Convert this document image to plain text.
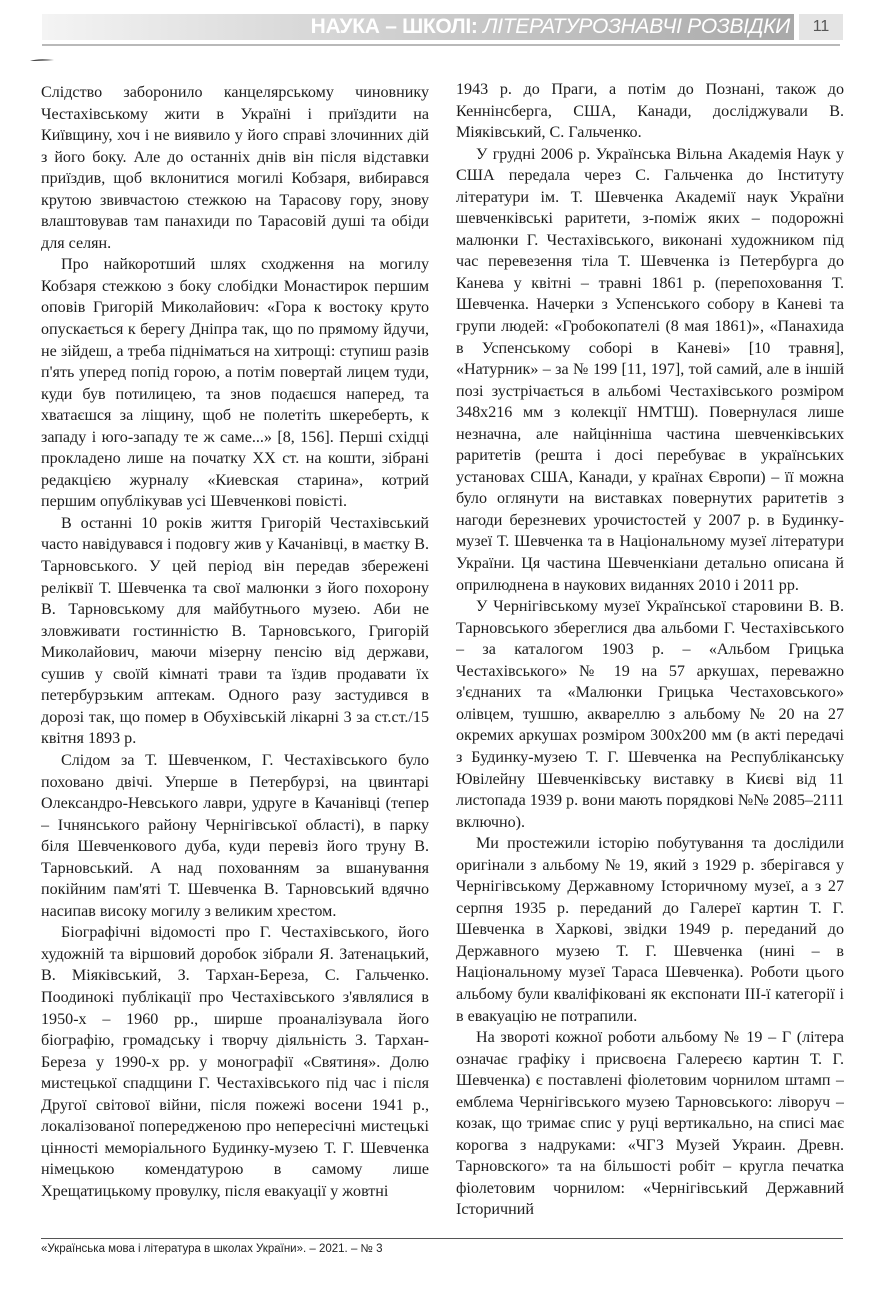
НАУКА – ШКОЛІ: ЛІТЕРАТУРОЗНАВЧІ РОЗВІДКИ	11

Слідство заборонило канцелярському чиновнику Честахівському жити в Україні і приїздити на Київщину, хоч і не виявило у його справі злочинних дій з його боку. Але до останніх днів він після відставки приїздив, щоб вклонитися могилі Кобзаря, вибирався крутою звивчастою стежкою на Тарасову гору, знову влаштовував там панахиди по Тарасовій душі та обіди для селян.

Про найкоротший шлях сходження на могилу Кобзаря стежкою з боку слобідки Монастирок першим оповів Григорій Миколайович: «Гора к востоку круто опускається к берегу Дніпра так, що по прямому йдучи, не зійдеш, а треба підніматься на хитрощі: ступиш разів п'ять уперед попід горою, а потім повертай лицем туди, куди був потилицею, та знов подаєшся наперед, та хватаєшся за ліщину, щоб не полетіть шкереберть, к западу і юго-западу те ж саме...» [8, 156]. Перші східці прокладено лише на початку XX ст. на кошти, зібрані редакцією журналу «Киевская старина», котрий першим опублікував усі Шевченкові повісті.

В останні 10 років життя Григорій Честахівський часто навідувався і подовгу жив у Качанівці, в маєтку В. Тарновського. У цей період він передав збережені реліквії Т. Шевченка та свої малюнки з його похорону В. Тарновському для майбутнього музею. Аби не зловживати гостинністю В. Тарновського, Григорій Миколайович, маючи мізерну пенсію від держави, сушив у своїй кімнаті трави та їздив продавати їх петербурзьким аптекам. Одного разу застудився в дорозі так, що помер в Обухівській лікарні 3 за ст.ст./15 квітня 1893 р.

Слідом за Т. Шевченком, Г. Честахівського було поховано двічі. Уперше в Петербурзі, на цвинтарі Олександро-Невського лаври, удруге в Качанівці (тепер – Ічнянського району Чернігівської області), в парку біля Шевченкового дуба, куди перевіз його труну В. Тарновський. А над похованням за вшанування покійним пам'яті Т. Шевченка В. Тарновський вдячно насипав високу могилу з великим хрестом.

Біографічні відомості про Г. Честахівського, його художній та віршовий доробок зібрали Я. Затенацький, В. Міяківський, З. Тархан-Береза, С. Гальченко. Поодинокі публікації про Честахівського з'являлися в 1950-х – 1960 рр., ширше проаналізувала його біографію, громадську і творчу діяльність З. Тархан-Береза у 1990-х рр. у монографії «Святиня». Долю мистецької спадщини Г. Честахівського під час і після Другої світової війни, після пожежі восени 1941 р., локалізованої попередженою про непересічні мистецькі цінності меморіального Будинку-музею Т. Г. Шевченка німецькою комендатурою в самому лише Хрещатицькому провулку, після евакуації у жовтні

1943 р. до Праги, а потім до Познані, також до Кеннінсберга, США, Канади, досліджували В. Міяківський, С. Гальченко.

У грудні 2006 р. Українська Вільна Академія Наук у США передала через С. Гальченка до Інституту літератури ім. Т. Шевченка Академії наук України шевченківські раритети, з-поміж яких – подорожні малюнки Г. Честахівського, виконані художником під час перевезення тіла Т. Шевченка із Петербурга до Канева у квітні – травні 1861 р. (перепоховання Т. Шевченка. Начерки з Успенського собору в Каневі та групи людей: «Гробокопателі (8 мая 1861)», «Панахида в Успенському соборі в Каневі» [10 травня], «Натурник» – за № 199 [11, 197], той самий, але в іншій позі зустрічається в альбомі Честахівського розміром 348х216 мм з колекції НМТШ). Повернулася лише незначна, але найцінніша частина шевченківських раритетів (решта і досі перебуває в українських установах США, Канади, у країнах Європи) – її можна було оглянути на виставках повернутих раритетів з нагоди березневих урочистостей у 2007 р. в Будинку-музеї Т. Шевченка та в Національному музеї літератури України. Ця частина Шевченкіани детально описана й оприлюднена в наукових виданнях 2010 і 2011 рр.

У Чернігівському музеї Української старовини В. В. Тарновського збереглися два альбоми Г. Честахівського – за каталогом 1903 р. – «Альбом Грицька Честахівського» № 19 на 57 аркушах, переважно з'єднаних та «Малюнки Грицька Честаховського» олівцем, тушшю, аквареллю з альбому № 20 на 27 окремих аркушах розміром 300х200 мм (в акті передачі з Будинку-музею Т. Г. Шевченка на Республіканську Ювілейну Шевченківську виставку в Києві від 11 листопада 1939 р. вони мають порядкові №№ 2085–2111 включно).

Ми простежили історію побутування та дослідили оригінали з альбому № 19, який з 1929 р. зберігався у Чернігівському Державному Історичному музеї, а з 27 серпня 1935 р. переданий до Галереї картин Т. Г. Шевченка в Харкові, звідки 1949 р. переданий до Державного музею Т. Г. Шевченка (нині – в Національному музеї Тараса Шевченка). Роботи цього альбому були кваліфіковані як експонати III-ї категорії і в евакуацію не потрапили.

На звороті кожної роботи альбому № 19 – Г (літера означає графіку і присвоєна Галереєю картин Т. Г. Шевченка) є поставлені фіолетовим чорнилом штамп – емблема Чернігівського музею Тарновського: ліворуч – козак, що тримає спис у руці вертикально, на списі має корогва з надруками: «ЧГЗ Музей Украин. Древн. Тарновского» та на більшості робіт – кругла печатка фіолетовим чорнилом: «Чернігівський Державний Історичний

«Українська мова і література в школах України». – 2021. – № 3
